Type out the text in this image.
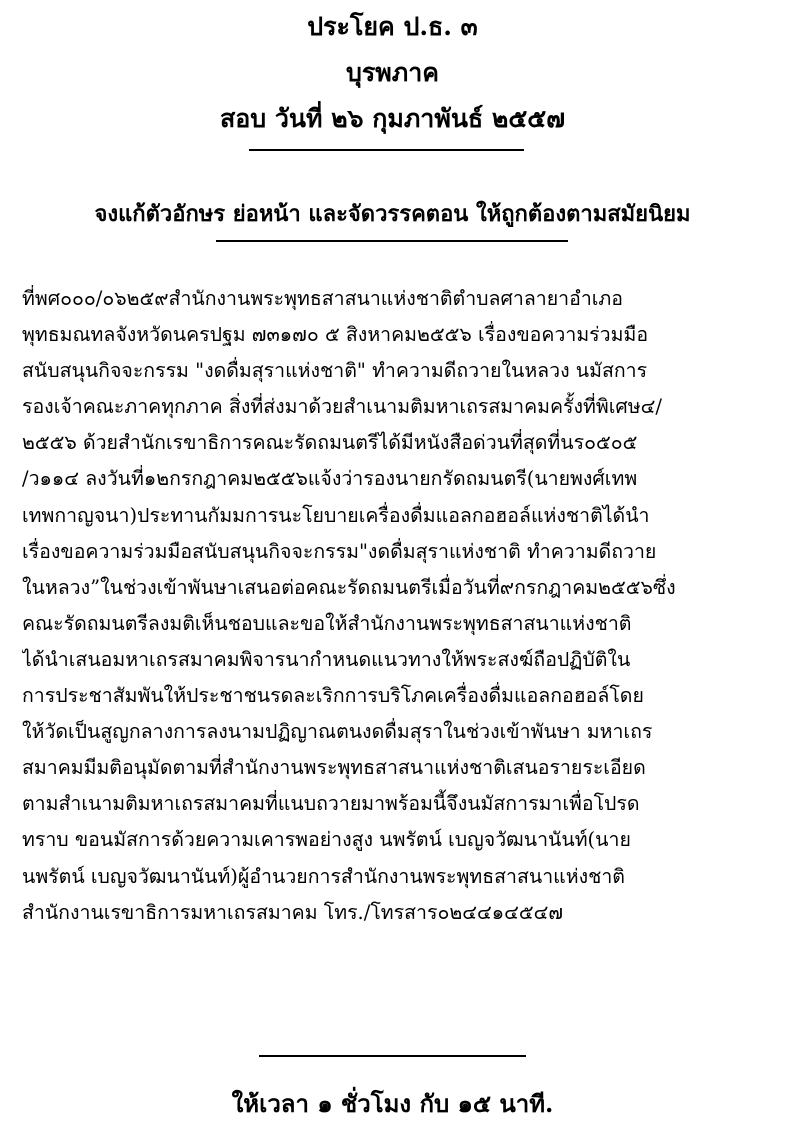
ประโยค ป.ธ. ๓
บุรพภาค
สอบ วันที่ ๒๖ กุมภาพันธ์ ๒๕๕๗
จงแก้ตัวอักษร ย่อหน้า และจัดวรรคตอน ให้ถูกต้องตามสมัยนิยม
ที่พศ๐๐๐/๐๖๒๕๙สำนักงานพระพุทธสาสนาแห่งชาติตำบลศาลายาอำเภอ
พุทธมณทลจังหวัดนครปฐม ๗๓๑๗๐ ๕ สิงหาคม๒๕๕๖ เรื่องขอความร่วมมือ
สนับสนุนกิจจะกรรม "งดดื่มสุราแห่งชาติ" ทำความดีถวายในหลวง นมัสการ
รองเจ้าคณะภาคทุกภาค สิ่งที่ส่งมาด้วยสำเนามติมหาเถรสมาคมครั้งที่พิเศษ๔/
๒๕๕๖ ด้วยสำนักเรขาธิการคณะรัดถมนตรีได้มีหนังสือด่วนที่สุดที่นร๐๕๐๕
/ว๑๑๔ ลงวันที่๑๒กรกฎาคม๒๕๕๖แจ้งว่ารองนายกรัดถมนตรี(นายพงศ์เทพ
เทพกาญจนา)ประทานกัมมการนะโยบายเครื่องดื่มแอลกอฮอล์แห่งชาติได้นำ
เรื่องขอความร่วมมือสนับสนุนกิจจะกรรม"งดดื่มสุราแห่งชาติ ทำความดีถวาย
ในหลวง”ในช่วงเข้าพันษาเสนอต่อคณะรัดถมนตรีเมื่อวันที่๙กรกฎาคม๒๕๕๖ซึ่ง
คณะรัดถมนตรีลงมติเห็นชอบและขอให้สำนักงานพระพุทธสาสนาแห่งชาติ
ได้นำเสนอมหาเถรสมาคมพิจารนากำหนดแนวทางให้พระสงฆ์ถือปฏิบัติใน
การประชาสัมพันให้ประชาชนรดละเริกการบริโภคเครื่องดื่มแอลกอฮอล์โดย
ให้วัดเป็นสูญกลางการลงนามปฏิญาณตนงดดื่มสุราในช่วงเข้าพันษา มหาเถร
สมาคมมีมติอนุมัดตามที่สำนักงานพระพุทธสาสนาแห่งชาติเสนอรายระเอียด
ตามสำเนามติมหาเถรสมาคมที่แนบถวายมาพร้อมนี้จึงนมัสการมาเพื่อโปรด
ทราบ ขอนมัสการด้วยความเคารพอย่างสูง นพรัตน์ เบญจวัฒนานันท์(นาย
นพรัตน์ เบญจวัฒนานันท์)ผู้อำนวยการสำนักงานพระพุทธสาสนาแห่งชาติ
สำนักงานเรขาธิการมหาเถรสมาคม โทร./โทรสาร๐๒๔๔๑๔๕๔๗
ให้เวลา ๑ ชั่วโมง กับ ๑๕ นาที.
